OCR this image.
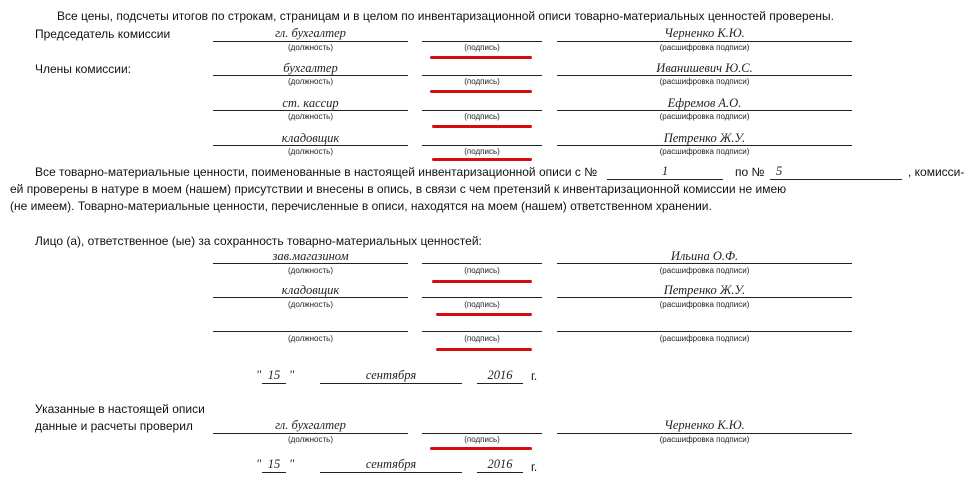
Все цены, подсчеты итогов по строкам, страницам и в целом по инвентаризационной описи товарно-материальных ценностей проверены.
Председатель комиссии	гл. бухгалтер	Черненко К.Ю.
(должность)	(подпись)	(расшифровка подписи)
Члены комиссии:	бухгалтер	Ивaнишевич Ю.С.
(должность)	(подпись)	(расшифровка подписи)
ст. кассир	Ефремов А.О.
(должность)	(подпись)	(расшифровка подписи)
кладовщик	Петренко Ж.У.
(должность)	(подпись)	(расшифровка подписи)
Все товарно-материальные ценности, поименованные в настоящей инвентаризационной описи с №	1	по № 5	, комисси-
ей проверены в натуре в моем (нашем) присутствии и внесены в опись, в связи с чем претензий к инвентаризационной комиссии не имею
(не имеем). Товарно-материальные ценности, перечисленные в описи, находятся на моем (нашем) ответственном хранении.
Лицо (а), ответственное (ые) за сохранность товарно-материальных ценностей:
зав.магазином	Ильина О.Ф.
(должность)	(подпись)	(расшифровка подписи)
кладовщик	Петренко Ж.У.
(должность)	(подпись)	(расшифровка подписи)
(должность)	(подпись)	(расшифровка подписи)
" 15 "	сентября	2016	г.
Указанные в настоящей описи
данные и расчеты проверил	гл. бухгалтер	Черненко К.Ю.
(должность)	(подпись)	(расшифровка подписи)
" 15 "	сентября	2016	г.
